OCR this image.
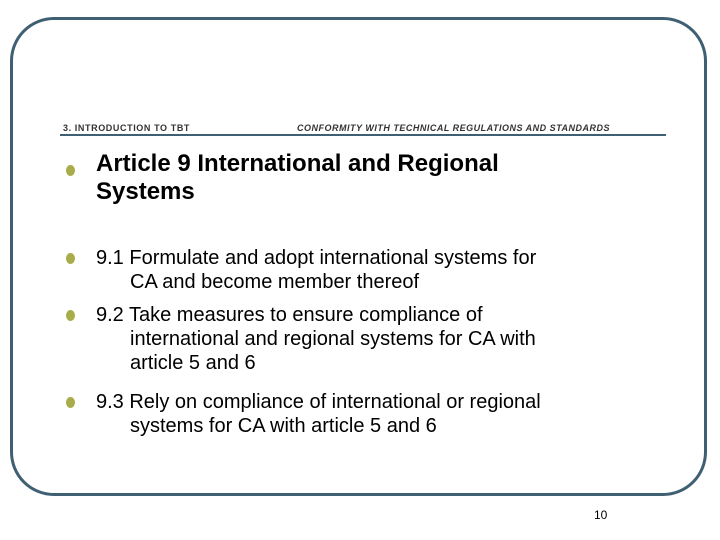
3. INTRODUCTION TO TBT	CONFORMITY WITH TECHNICAL REGULATIONS AND STANDARDS
Article 9 International and Regional
Systems
9.1 Formulate and adopt international systems for
CA and become member thereof
9.2 Take measures to ensure compliance of
international and regional systems for CA with
article 5 and 6
9.3 Rely on compliance of international or regional
systems for CA with article 5 and 6
10
